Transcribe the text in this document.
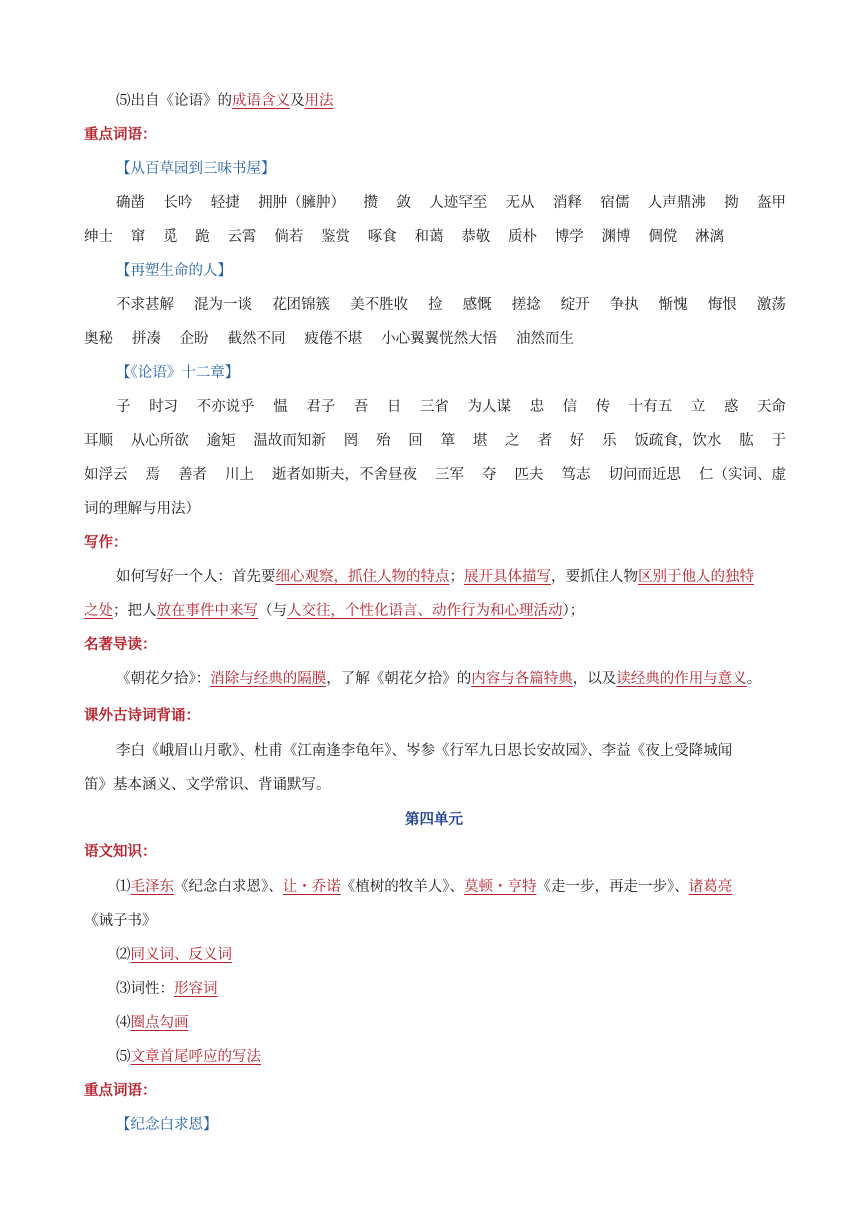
⑸出自《论语》的成语含义及用法
重点词语：
【从百草园到三味书屋】
确凿 长吟 轻捷 拥肿（臃肿） 攒 敛 人迹罕至 无从 消释 宿儒 人声鼎沸 拗 盔甲
绅士 窜 觅 跪 云霄 倘若 鉴赏 啄食 和蔼 恭敬 质朴 博学 渊博 倜傥 淋漓
【再塑生命的人】
不求甚解 混为一谈 花团锦簇 美不胜收 捡 感慨 搓捻 绽开 争执 惭愧 悔恨 激荡
奥秘 拼凑 企盼 截然不同 疲倦不堪 小心翼翼恍然大悟 油然而生
【《论语》十二章】
子 时习 不亦说乎 愠 君子 吾 日 三省 为人谋 忠 信 传 十有五 立 惑 天命
耳顺 从心所欲 逾矩 温故而知新 罔 殆 回 箪 堪 之 者 好 乐 饭疏食，饮水 肱 于
如浮云 焉 善者 川上 逝者如斯夫，不舍昼夜 三军 夺 匹夫 笃志 切问而近思 仁（实词、虚
词的理解与用法）
写作：
如何写好一个人：首先要细心观察，抓住人物的特点；展开具体描写，要抓住人物区别于他人的独特
之处；把人放在事件中来写（与人交往，个性化语言、动作行为和心理活动）；
名著导读：
《朝花夕拾》：消除与经典的隔膜，了解《朝花夕拾》的内容与各篇特典，以及读经典的作用与意义。
课外古诗词背诵：
李白《峨眉山月歌》、杜甫《江南逢李龟年》、岑参《行军九日思长安故园》、李益《夜上受降城闻
笛》基本涵义、文学常识、背诵默写。
第四单元
语文知识：
⑴毛泽东《纪念白求恩》、让・乔诺《植树的牧羊人》、莫顿・亨特《走一步，再走一步》、诸葛亮
《诫子书》
⑵同义词、反义词
⑶词性：形容词
⑷圈点勾画
⑸文章首尾呼应的写法
重点词语：
【纪念白求恩】
